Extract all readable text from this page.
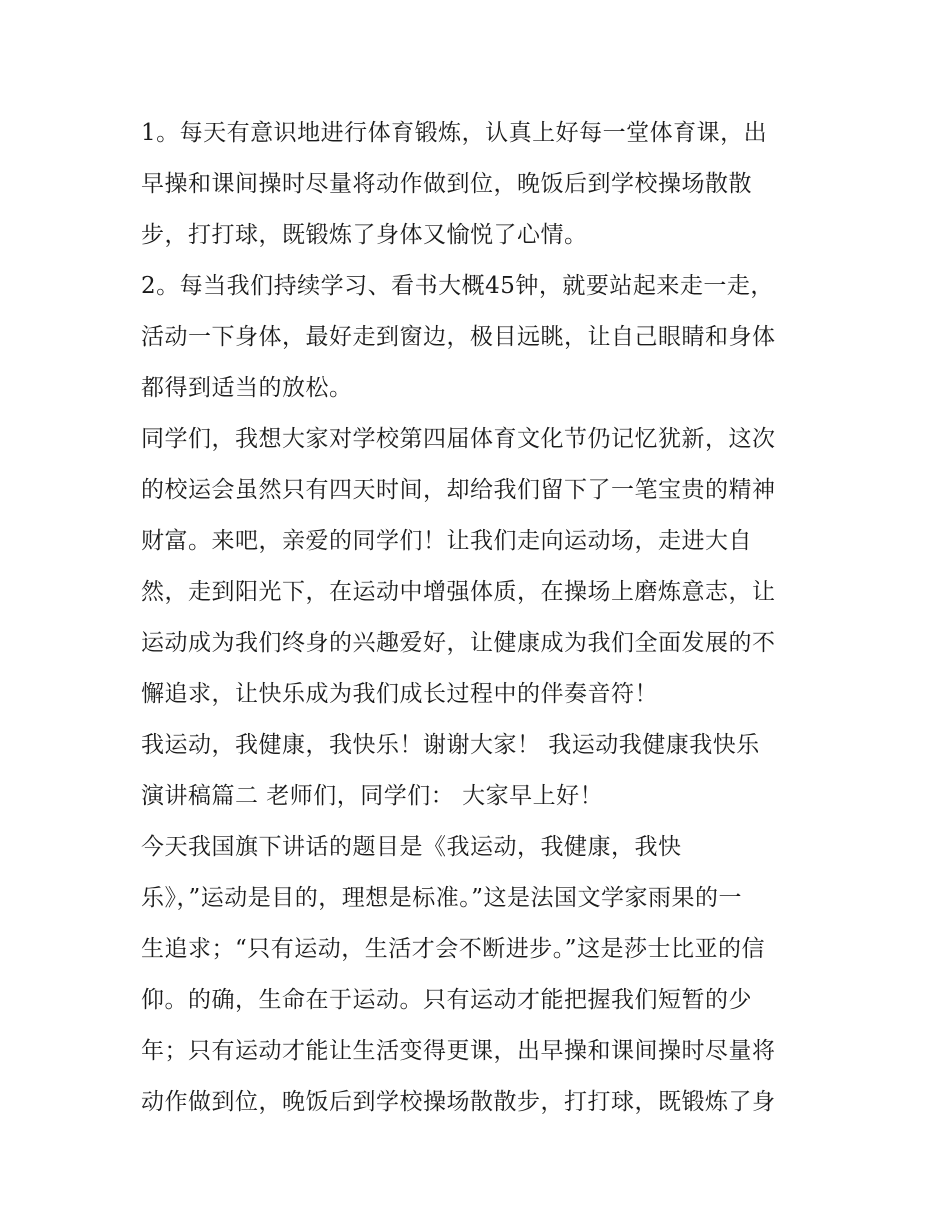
1。每天有意识地进行体育锻炼，认真上好每一堂体育课，出
早操和课间操时尽量将动作做到位，晚饭后到学校操场散散
步，打打球，既锻炼了身体又愉悦了心情。
2。每当我们持续学习、看书大概45钟，就要站起来走一走，
活动一下身体，最好走到窗边，极目远眺，让自己眼睛和身体
都得到适当的放松。
同学们，我想大家对学校第四届体育文化节仍记忆犹新，这次
的校运会虽然只有四天时间，却给我们留下了一笔宝贵的精神
财富。来吧，亲爱的同学们！让我们走向运动场，走进大自
然，走到阳光下，在运动中增强体质，在操场上磨炼意志，让
运动成为我们终身的兴趣爱好，让健康成为我们全面发展的不
懈追求，让快乐成为我们成长过程中的伴奏音符！
我运动，我健康，我快乐！谢谢大家！ 我运动我健康我快乐
演讲稿篇二 老师们，同学们： 大家早上好！
今天我国旗下讲话的题目是《我运动，我健康，我快
乐》，”运动是目的，理想是标准。”这是法国文学家雨果的一
生追求；“只有运动，生活才会不断进步。”这是莎士比亚的信
仰。的确，生命在于运动。只有运动才能把握我们短暂的少
年；只有运动才能让生活变得更课，出早操和课间操时尽量将
动作做到位，晚饭后到学校操场散散步，打打球，既锻炼了身
